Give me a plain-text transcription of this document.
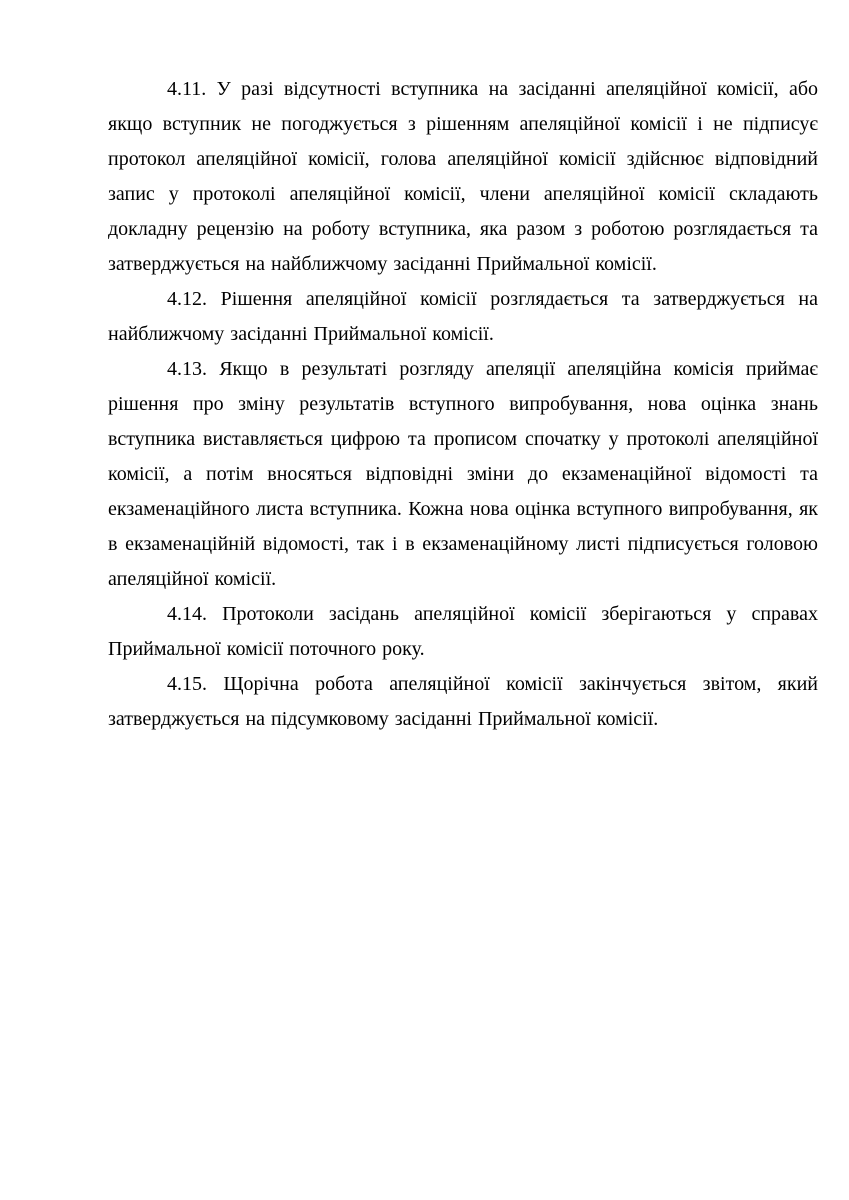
4.11. У разі відсутності вступника на засіданні апеляційної комісії, або якщо вступник не погоджується з рішенням апеляційної комісії і не підписує протокол апеляційної комісії, голова апеляційної комісії здійснює відповідний запис у протоколі апеляційної комісії, члени апеляційної комісії складають докладну рецензію на роботу вступника, яка разом з роботою розглядається та затверджується на найближчому засіданні Приймальної комісії.

4.12. Рішення апеляційної комісії розглядається та затверджується на найближчому засіданні Приймальної комісії.

4.13. Якщо в результаті розгляду апеляції апеляційна комісія приймає рішення про зміну результатів вступного випробування, нова оцінка знань вступника виставляється цифрою та прописом спочатку у протоколі апеляційної комісії, а потім вносяться відповідні зміни до екзаменаційної відомості та екзаменаційного листа вступника. Кожна нова оцінка вступного випробування, як в екзаменаційній відомості, так і в екзаменаційному листі підписується головою апеляційної комісії.

4.14. Протоколи засідань апеляційної комісії зберігаються у справах Приймальної комісії поточного року.

4.15. Щорічна робота апеляційної комісії закінчується звітом, який затверджується на підсумковому засіданні Приймальної комісії.
